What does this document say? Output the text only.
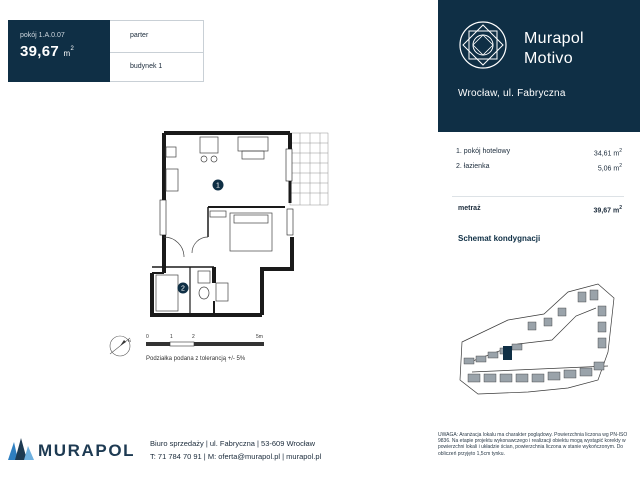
pokój 1.A.0.07
39,67 $m^2$
parter
budynek 1
Murapol
Motivo
Wrocław, ul. Fabryczna
1. pokój hotelowy	34,61 $m^2$
2. łazienka	5,06 $m^2$
metraż	39,67 $m^2$
Schemat kondygnacji
1
2
N
0	1	2	5m
Podziałka podana z tolerancją +/- 5%
MURAPOL Biuro sprzedaży | ul. Fabryczna | 53-609 Wrocław
T: 71 784 70 91 | M: oferta@murapol.pl | murapol.pl
UWAGA: Aranżacja lokalu ma charakter poglądowy. Powierzchnia liczona wg PN-ISO 9836. Na etapie projektu wykonawczego i realizacji obiektu mogą wystąpić korekty w powierzchni lokali i układzie ścian, powierzchnia liczona w stanie wykończonym. Do obliczeń przyjęto 1,5cm tynku.
